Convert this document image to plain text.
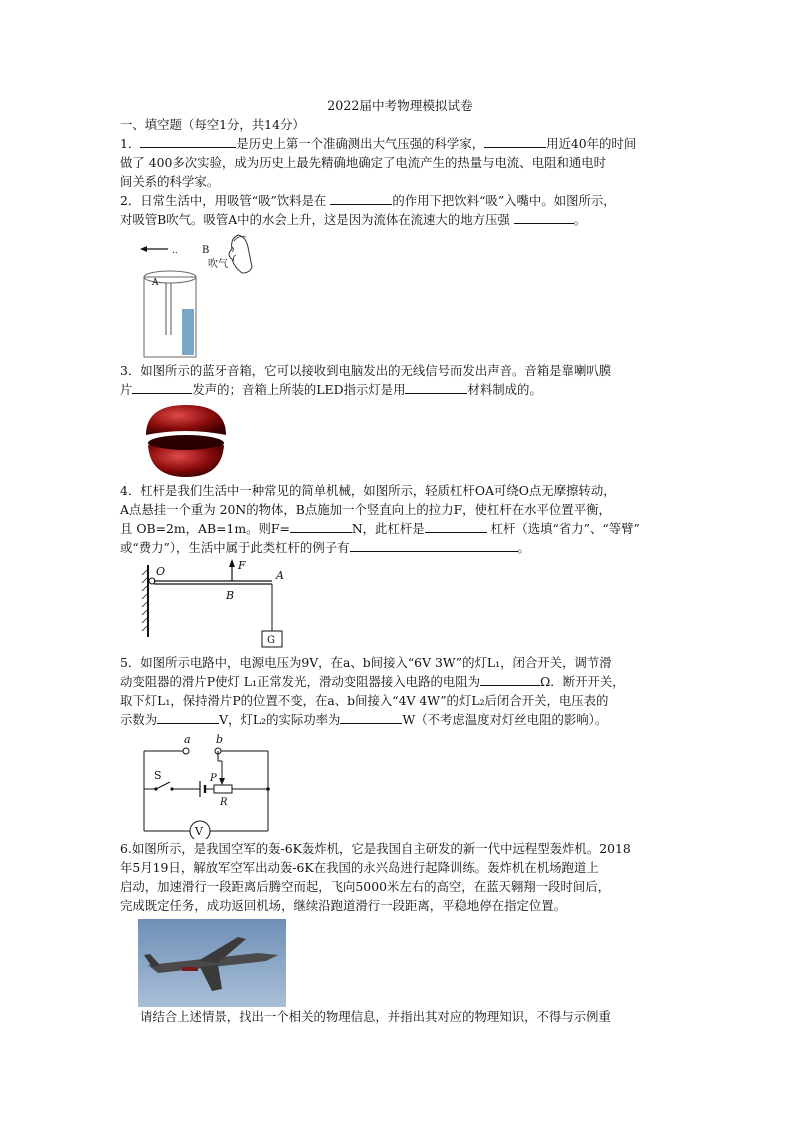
2022届中考物理模拟试卷

一、填空题（每空1分，共14分）

1．	是历史上第一个准确测出大气压强的科学家，	用近40年的时间

做了 400多次实验，成为历史上最先精确地确定了电流产生的热量与电流、电阻和通电时

间关系的科学家。

2．日常生活中，用吸管“吸”饮料是在	的作用下把饮料“吸”入嘴中。如图所示，

对吸管B吹气。吸管A中的水会上升，这是因为流体在流速大的地方压强	。

.. B
吹气
A

3．如图所示的蓝牙音箱，它可以接收到电脑发出的无线信号而发出声音。音箱是靠喇叭膜

片	发声的；音箱上所装的LED指示灯是用	材料制成的。

4．杠杆是我们生活中一种常见的简单机械，如图所示，轻质杠杆OA可绕O点无摩擦转动，

A点悬挂一个重为 20N的物体，B点施加一个竖直向上的拉力F，使杠杆在水平位置平衡，

且 OB=2m，AB=1m。则F=	N，此杠杆是	杠杆（选填“省力”、“等臂”

或“费力”），生活中属于此类杠杆的例子有	。

O	F
B
A
G

5．如图所示电路中，电源电压为9V，在a、b间接入“6V 3W”的灯L₁，闭合开关，调节滑

动变阻器的滑片P使灯 L₁正常发光，滑动变阻器接入电路的电阻为	Ω．断开开关，

取下灯L₁，保持滑片P的位置不变，在a、b间接入“4V 4W”的灯L₂后闭合开关，电压表的

示数为	V，灯L₂的实际功率为	W（不考虑温度对灯丝电阻的影响）。

a b
V
S	P
R

6.如图所示，是我国空军的轰-6K轰炸机，它是我国自主研发的新一代中远程型轰炸机。2018

年5月19日，解放军空军出动轰-6K在我国的永兴岛进行起降训练。轰炸机在机场跑道上

启动，加速滑行一段距离后腾空而起，飞向5000米左右的高空，在蓝天翱翔一段时间后，

完成既定任务，成功返回机场，继续沿跑道滑行一段距离，平稳地停在指定位置。

请结合上述情景，找出一个相关的物理信息，并指出其对应的物理知识，不得与示例重
